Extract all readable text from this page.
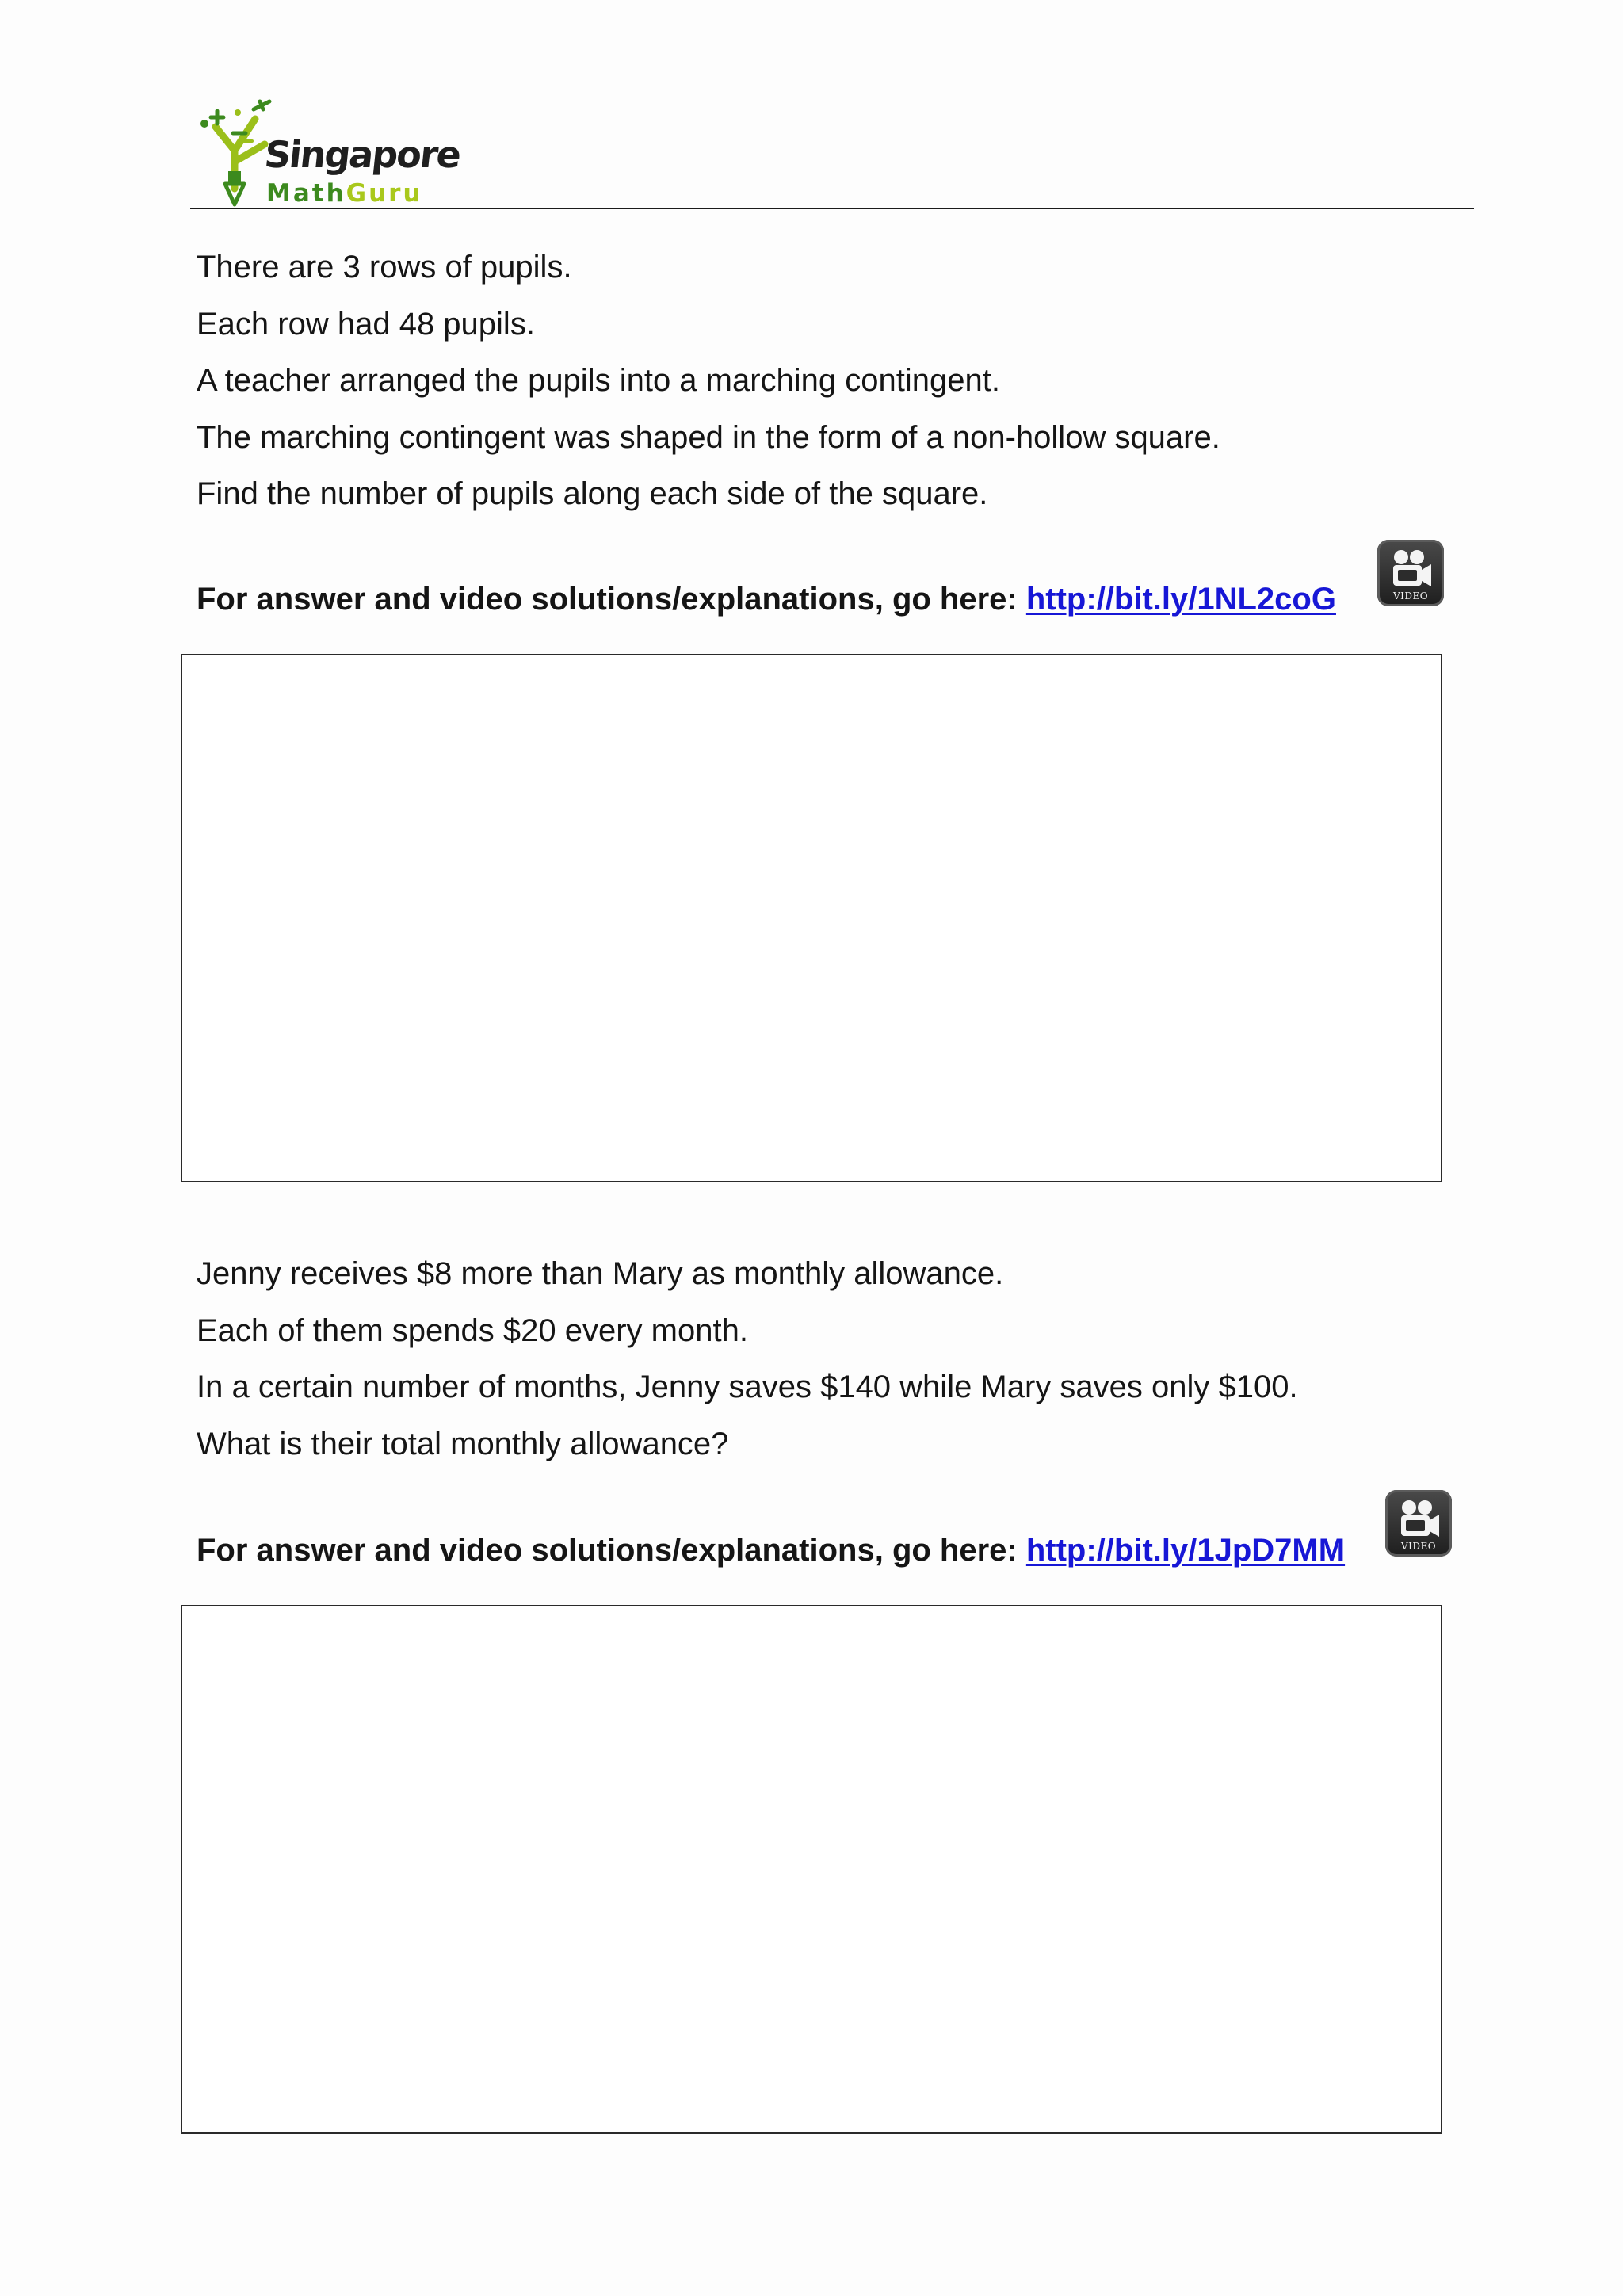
Singapore
MathGuru
There are 3 rows of pupils.
Each row had 48 pupils.
A teacher arranged the pupils into a marching contingent.
The marching contingent was shaped in the form of a non-hollow square.
Find the number of pupils along each side of the square.
For answer and video solutions/explanations, go here: http://bit.ly/1NL2coG	VIDEO
Jenny receives $8 more than Mary as monthly allowance.
Each of them spends $20 every month.
In a certain number of months, Jenny saves $140 while Mary saves only $100.
What is their total monthly allowance?
For answer and video solutions/explanations, go here: http://bit.ly/1JpD7MM	VIDEO
